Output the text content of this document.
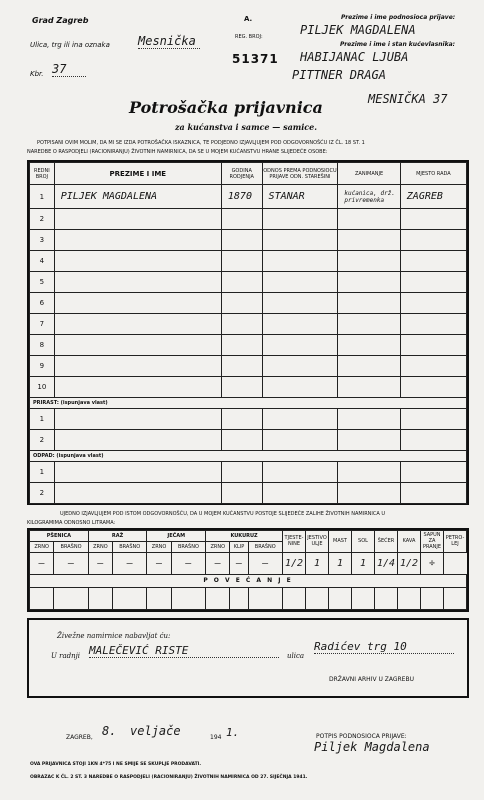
Grad Zagreb
Ulica, trg ili ina oznaka Mesnička
Kbr. 37
A.
REG. BROJ:
51371
Prezime i ime podnosioca prijave:
PILJEK MAGDALENA
Prezime i ime i stan kućevlasnika:
HABIJANAC LJUBA
PITTNER DRAGA
MESNIČKA 37
Potrošačka prijavnica
za kućanstva i samce — samice.
POTPISANI OVIM MOLIM, DA MI SE IZDA POTROŠAČKA ISKAZNICA, TE PODJEDNO IZJAVLJUJEM POD ODGOVORNOŠĆU IZ ČL. 18 ST. 1
NAREDBE O RASPODJELI (RACIONIRANJU) ŽIVOTNIH NAMIRNICA, DA SE U MOJEM KUĆANSTVU HRANE SLIJEDEĆE OSOBE:
REDNI BROJ	PREZIME I IME	GODINA RODJENJA	ODNOS PREMA PODNOSIOCU PRIJAVE ODN. STAREŠINI	ZANIMANJE	MJESTO RADA
1	PILJEK MAGDALENA	1870	STANAR	kućanica, drž. privremenka	ZAGREB
2					
3					
4					
5					
6					
7					
8					
9					
10					
PRIRAST: (ispunjava vlast)					
1					
2					
ODPAD: (ispunjava vlast)					
1					
2					
UJEDNO IZJAVLJUJEM POD ISTOM ODGOVORNOŠĆU, DA U MOJEM KUĆANSTVU POSTOJE SLIJEDEĆE ZALIHE ŽIVOTNIH NAMIRNICA U
KILOGRAMIMA ODNOSNO LITRAMA:
PŠENICA		RAŽ		JEČAM		KUKURUZ			TJESTE-NINE	JESTIVO ULJE	MAST	SOL	ŠEĆER	KAVA	SAPUN ZA PRANJE	PETRO-LEJ
ZRNO	BRAŠNO	ZRNO	BRAŠNO	ZRNO	BRAŠNO	ZRNO	KLIP	BRAŠNO								
—	—	—	—	—	—	—	—	—	1/2	1	1	1	1/4	1/2	÷	
P O V E Ć A N J E																

Živežne namirnice nabavljat ću:
U radnji MALEČEVIĆ RISTE	ulica
Radićev trg 10
DRŽAVNI ARHIV U ZAGREBU
ZAGREB, 8. veljače	194 1.	POTPIS PODNOSIOCA PRIJAVE:
Piljek Magdalena
OVA PRIJAVNICA STOJI 1KN 4*75 I NE SMIJE SE SKUPLJE PRODAVATI.
OBRAZAC K ČL. 2 ST. 3 NAREDBE O RASPODJELI (RACIONIRANJU) ŽIVOTNIH NAMIRNICA OD 27. SIJEČNJA 1941.
